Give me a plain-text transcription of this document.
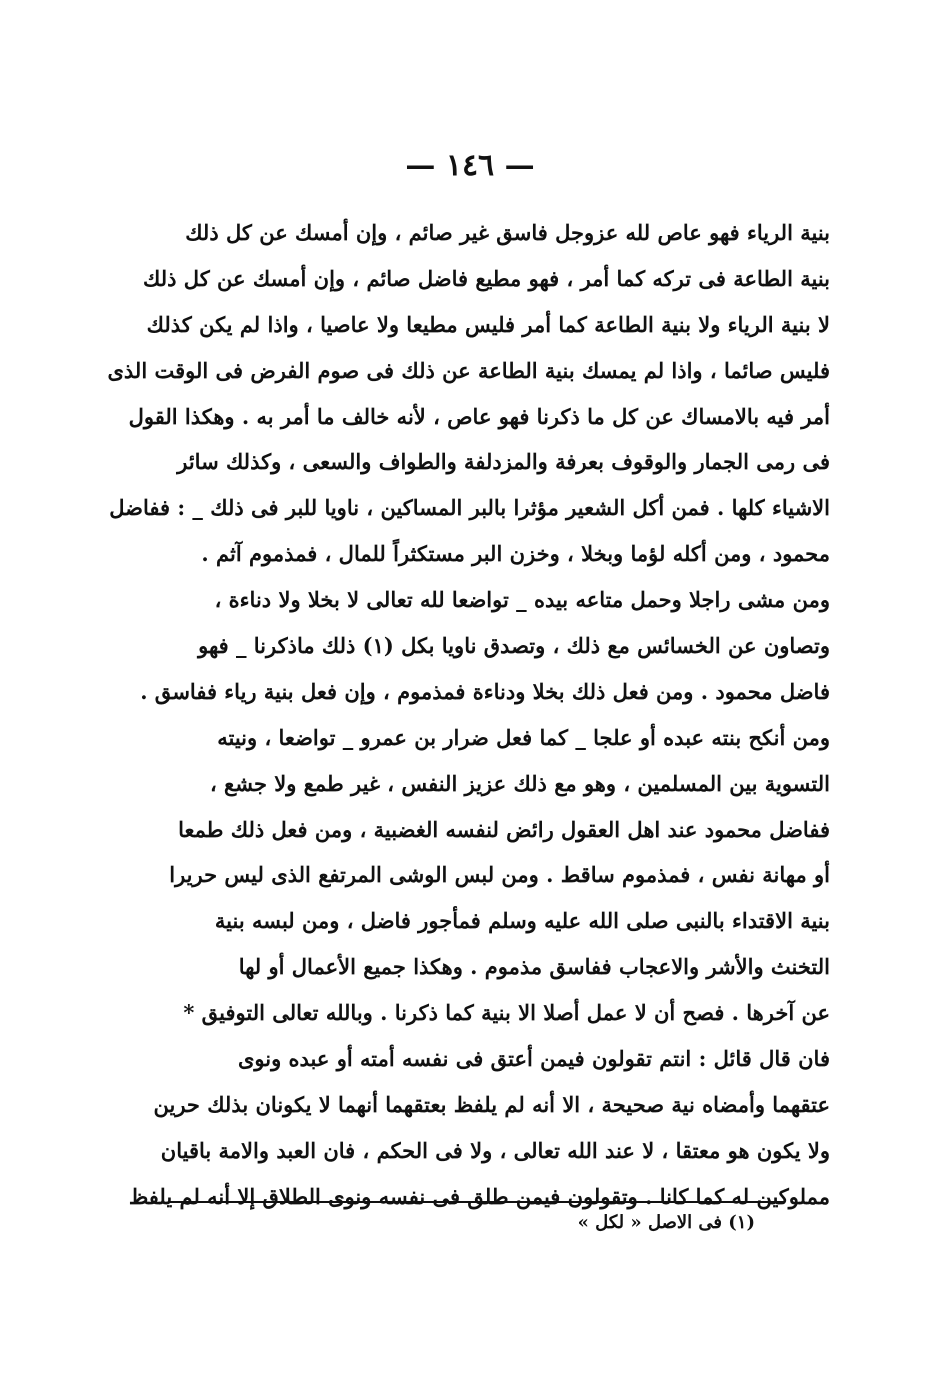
— ١٤٦ —
بنية الرياء فهو عاص لله عزوجل فاسق غير صائم ، وإن أمسك عن كل ذلك
بنية الطاعة فى تركه كما أمر ، فهو مطيع فاضل صائم ، وإن أمسك عن كل ذلك
لا بنية الرياء ولا بنية الطاعة كما أمر فليس مطيعا ولا عاصيا ، واذا لم يكن كذلك
فليس صائما ، واذا لم يمسك بنية الطاعة عن ذلك فى صوم الفرض فى الوقت الذى
أمر فيه بالامساك عن كل ما ذكرنا فهو عاص ، لأنه خالف ما أمر به . وهكذا القول
فى رمى الجمار والوقوف بعرفة والمزدلفة والطواف والسعى ، وكذلك سائر
الاشياء كلها . فمن أكل الشعير مؤثرا بالبر المساكين ، ناويا للبر فى ذلك _ : ففاضل
محمود ، ومن أكله لؤما وبخلا ، وخزن البر مستكثراً للمال ، فمذموم آثم .
ومن مشى راجلا وحمل متاعه بيده _ تواضعا لله تعالى لا بخلا ولا دناءة ،
وتصاون عن الخسائس مع ذلك ، وتصدق ناويا بكل (١) ذلك ماذكرنا _ فهو
فاضل محمود . ومن فعل ذلك بخلا ودناءة فمذموم ، وإن فعل بنية رياء ففاسق .
ومن أنكح بنته عبده أو علجا _ كما فعل ضرار بن عمرو _ تواضعا ، ونيته
التسوية بين المسلمين ، وهو مع ذلك عزيز النفس ، غير طمع ولا جشع ،
ففاضل محمود عند اهل العقول رائض لنفسه الغضبية ، ومن فعل ذلك طمعا
أو مهانة نفس ، فمذموم ساقط . ومن لبس الوشى المرتفع الذى ليس حريرا
بنية الاقتداء بالنبى صلى الله عليه وسلم فمأجور فاضل ، ومن لبسه بنية
التخنث والأشر والاعجاب ففاسق مذموم . وهكذا جميع الأعمال أو لها
عن آخرها . فصح أن لا عمل أصلا الا بنية كما ذكرنا . وبالله تعالى التوفيق *
فان قال قائل : انتم تقولون فيمن أعتق فى نفسه أمته أو عبده ونوى
عتقهما وأمضاه نية صحيحة ، الا أنه لم يلفظ بعتقهما أنهما لا يكونان بذلك حرين
ولا يكون هو معتقا ، لا عند الله تعالى ، ولا فى الحكم ، فان العبد والامة باقيان
مملوكين له كما كانا . وتقولون فيمن طلق فى نفسه ونوى الطلاق إلا أنه لم يلفظ
(١) فى الاصل « لكل »
